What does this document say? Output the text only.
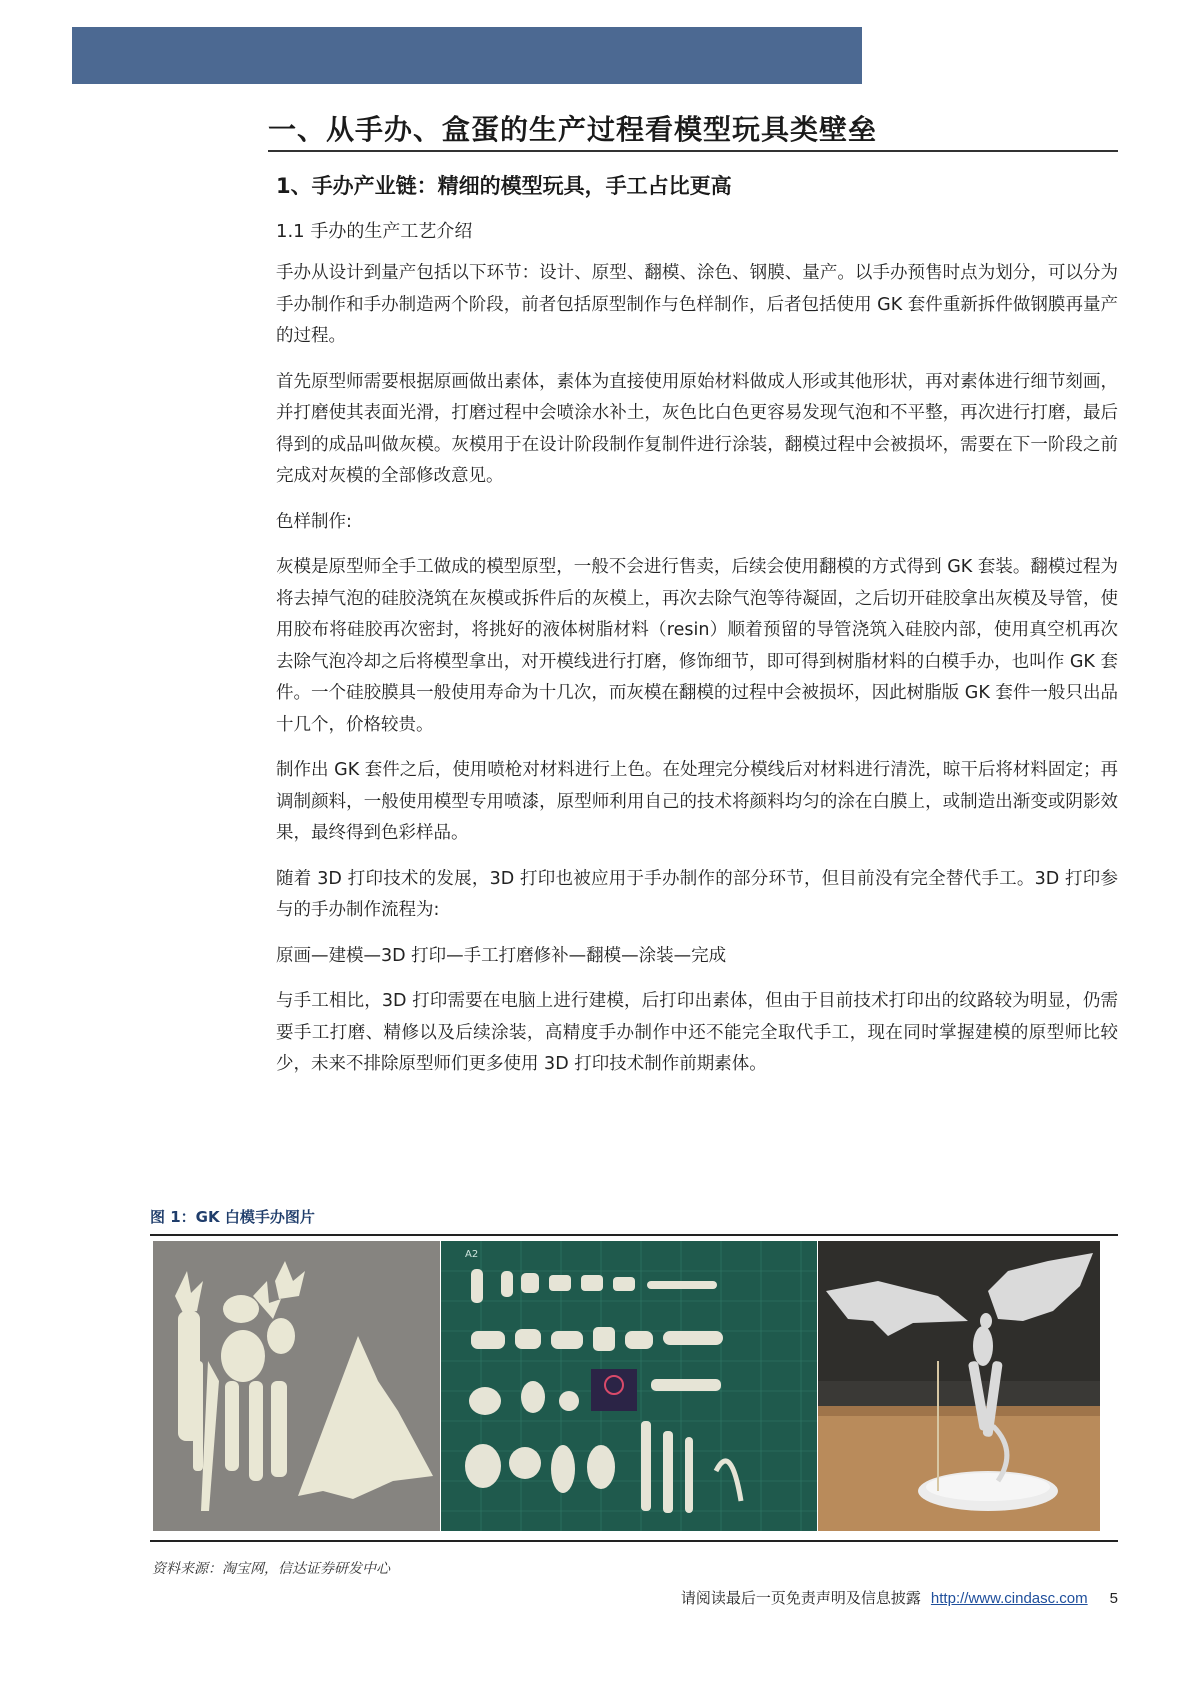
一、从手办、盒蛋的生产过程看模型玩具类壁垒
1、手办产业链：精细的模型玩具，手工占比更高
1.1 手办的生产工艺介绍

手办从设计到量产包括以下环节：设计、原型、翻模、涂色、钢膜、量产。以手办预售时点为划分，可以分为手办制作和手办制造两个阶段，前者包括原型制作与色样制作，后者包括使用 GK 套件重新拆件做钢膜再量产的过程。

首先原型师需要根据原画做出素体，素体为直接使用原始材料做成人形或其他形状，再对素体进行细节刻画，并打磨使其表面光滑，打磨过程中会喷涂水补土，灰色比白色更容易发现气泡和不平整，再次进行打磨，最后得到的成品叫做灰模。灰模用于在设计阶段制作复制件进行涂装，翻模过程中会被损坏，需要在下一阶段之前完成对灰模的全部修改意见。

色样制作:

灰模是原型师全手工做成的模型原型，一般不会进行售卖，后续会使用翻模的方式得到 GK 套装。翻模过程为将去掉气泡的硅胶浇筑在灰模或拆件后的灰模上，再次去除气泡等待凝固，之后切开硅胶拿出灰模及导管，使用胶布将硅胶再次密封，将挑好的液体树脂材料（resin）顺着预留的导管浇筑入硅胶内部，使用真空机再次去除气泡冷却之后将模型拿出，对开模线进行打磨，修饰细节，即可得到树脂材料的白模手办，也叫作 GK 套件。一个硅胶膜具一般使用寿命为十几次，而灰模在翻模的过程中会被损坏，因此树脂版 GK 套件一般只出品十几个，价格较贵。

制作出 GK 套件之后，使用喷枪对材料进行上色。在处理完分模线后对材料进行清洗，晾干后将材料固定；再调制颜料，一般使用模型专用喷漆，原型师利用自己的技术将颜料均匀的涂在白膜上，或制造出渐变或阴影效果，最终得到色彩样品。

随着 3D 打印技术的发展，3D 打印也被应用于手办制作的部分环节，但目前没有完全替代手工。3D 打印参与的手办制作流程为:

原画—建模—3D 打印—手工打磨修补—翻模—涂装—完成

与手工相比，3D 打印需要在电脑上进行建模，后打印出素体，但由于目前技术打印出的纹路较为明显，仍需要手工打磨、精修以及后续涂装，高精度手办制作中还不能完全取代手工，现在同时掌握建模的原型师比较少，未来不排除原型师们更多使用 3D 打印技术制作前期素体。

图 1：GK 白模手办图片
A2
资料来源：淘宝网，信达证券研发中心
请阅读最后一页免责声明及信息披露 http://www.cindasc.com 5
